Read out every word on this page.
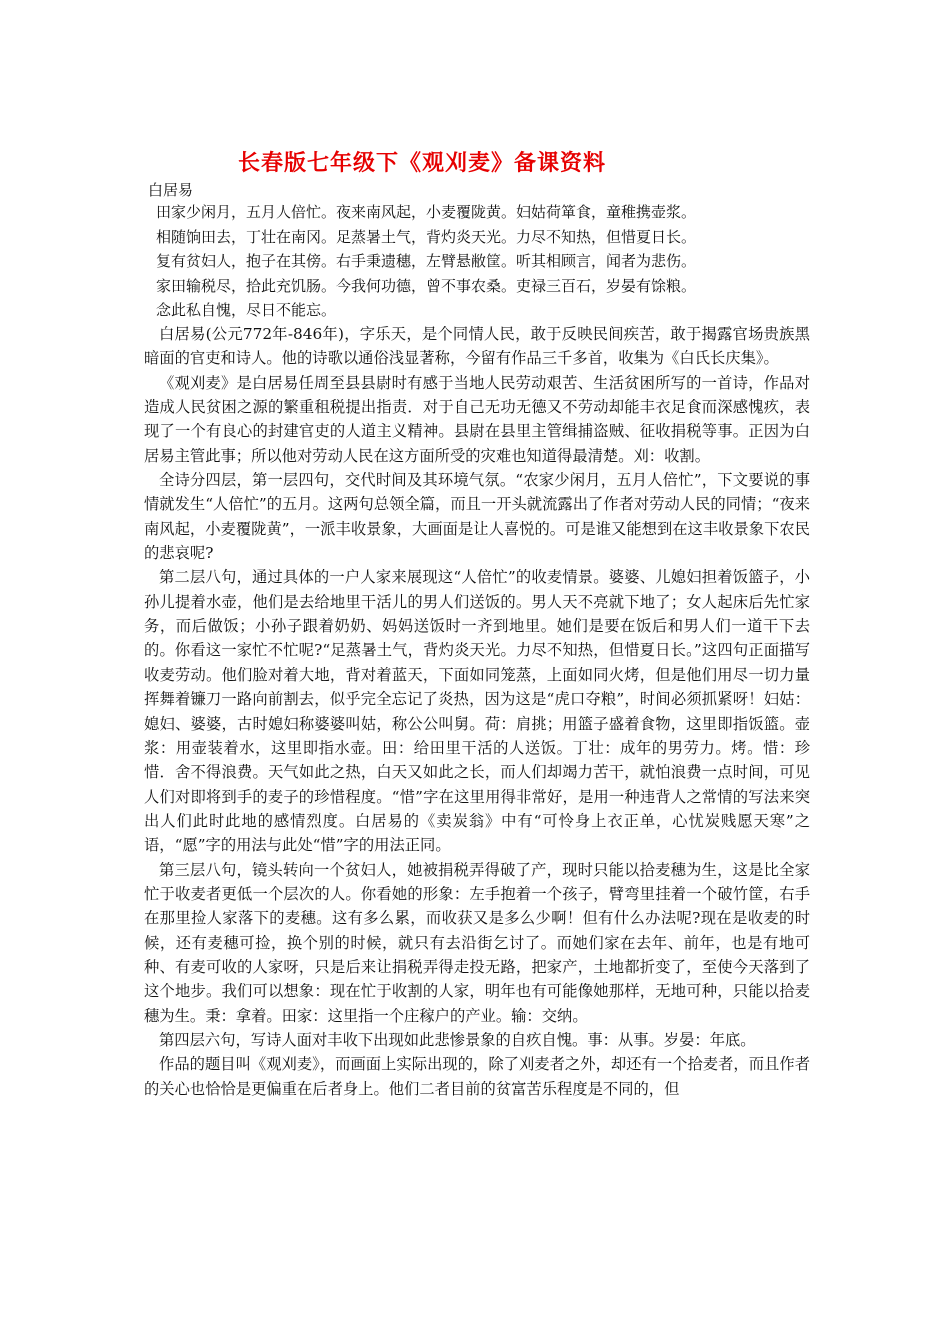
长春版七年级下《观刈麦》备课资料
白居易
田家少闲月，五月人倍忙。夜来南风起，小麦覆陇黄。妇姑荷箪食，童稚携壶浆。
相随饷田去，丁壮在南冈。足蒸暑土气，背灼炎天光。力尽不知热，但惜夏日长。
复有贫妇人，抱子在其傍。右手秉遗穗，左臂悬敝筐。听其相顾言，闻者为悲伤。
家田输税尽，拾此充饥肠。今我何功德，曾不事农桑。吏禄三百石，岁晏有馀粮。
念此私自愧，尽日不能忘。

白居易(公元772年-846年)，字乐天，是个同情人民，敢于反映民间疾苦，敢于揭露官场贵族黑暗面的官吏和诗人。他的诗歌以通俗浅显著称，今留有作品三千多首，收集为《白氏长庆集》。

《观刈麦》是白居易任周至县县尉时有感于当地人民劳动艰苦、生活贫困所写的一首诗，作品对造成人民贫困之源的繁重租税提出指责．对于自己无功无德又不劳动却能丰衣足食而深感愧疚，表现了一个有良心的封建官吏的人道主义精神。县尉在县里主管缉捕盗贼、征收捐税等事。正因为白居易主管此事；所以他对劳动人民在这方面所受的灾难也知道得最清楚。刈：收割。

全诗分四层，第一层四句，交代时间及其环境气氛。“农家少闲月，五月人倍忙”，下文要说的事情就发生“人倍忙”的五月。这两句总领全篇，而且一开头就流露出了作者对劳动人民的同情；“夜来南风起，小麦覆陇黄”，一派丰收景象，大画面是让人喜悦的。可是谁又能想到在这丰收景象下农民的悲哀呢?

第二层八句，通过具体的一户人家来展现这“人倍忙”的收麦情景。婆婆、儿媳妇担着饭篮子，小孙儿提着水壶，他们是去给地里干活儿的男人们送饭的。男人天不亮就下地了；女人起床后先忙家务，而后做饭；小孙子跟着奶奶、妈妈送饭时一齐到地里。她们是要在饭后和男人们一道干下去的。你看这一家忙不忙呢?“足蒸暑土气，背灼炎天光。力尽不知热，但惜夏日长。”这四句正面描写收麦劳动。他们脸对着大地，背对着蓝天，下面如同笼蒸，上面如同火烤，但是他们用尽一切力量挥舞着镰刀一路向前割去，似乎完全忘记了炎热，因为这是“虎口夺粮”，时间必须抓紧呀！妇姑：媳妇、婆婆，古时媳妇称婆婆叫姑，称公公叫舅。荷：肩挑；用篮子盛着食物，这里即指饭篮。壶浆：用壶装着水，这里即指水壶。田：给田里干活的人送饭。丁壮：成年的男劳力。烤。惜：珍惜．舍不得浪费。天气如此之热，白天又如此之长，而人们却竭力苦干，就怕浪费一点时间，可见人们对即将到手的麦子的珍惜程度。“惜”字在这里用得非常好，是用一种违背人之常情的写法来突出人们此时此地的感情烈度。白居易的《卖炭翁》中有“可怜身上衣正单，心忧炭贱愿天寒”之语，“愿”字的用法与此处“惜”字的用法正同。

第三层八句，镜头转向一个贫妇人，她被捐税弄得破了产，现时只能以拾麦穗为生，这是比全家忙于收麦者更低一个层次的人。你看她的形象：左手抱着一个孩子，臂弯里挂着一个破竹筐，右手在那里捡人家落下的麦穗。这有多么累，而收获又是多么少啊！但有什么办法呢?现在是收麦的时候，还有麦穗可捡，换个别的时候，就只有去沿街乞讨了。而她们家在去年、前年，也是有地可种、有麦可收的人家呀，只是后来让捐税弄得走投无路，把家产，土地都折变了，至使今天落到了这个地步。我们可以想象：现在忙于收割的人家，明年也有可能像她那样，无地可种，只能以拾麦穗为生。秉：拿着。田家：这里指一个庄稼户的产业。输：交纳。

第四层六句，写诗人面对丰收下出现如此悲惨景象的自疚自愧。事：从事。岁晏：年底。

作品的题目叫《观刈麦》，而画面上实际出现的，除了刈麦者之外，却还有一个拾麦者，而且作者的关心也恰恰是更偏重在后者身上。他们二者目前的贫富苦乐程度是不同的，但
